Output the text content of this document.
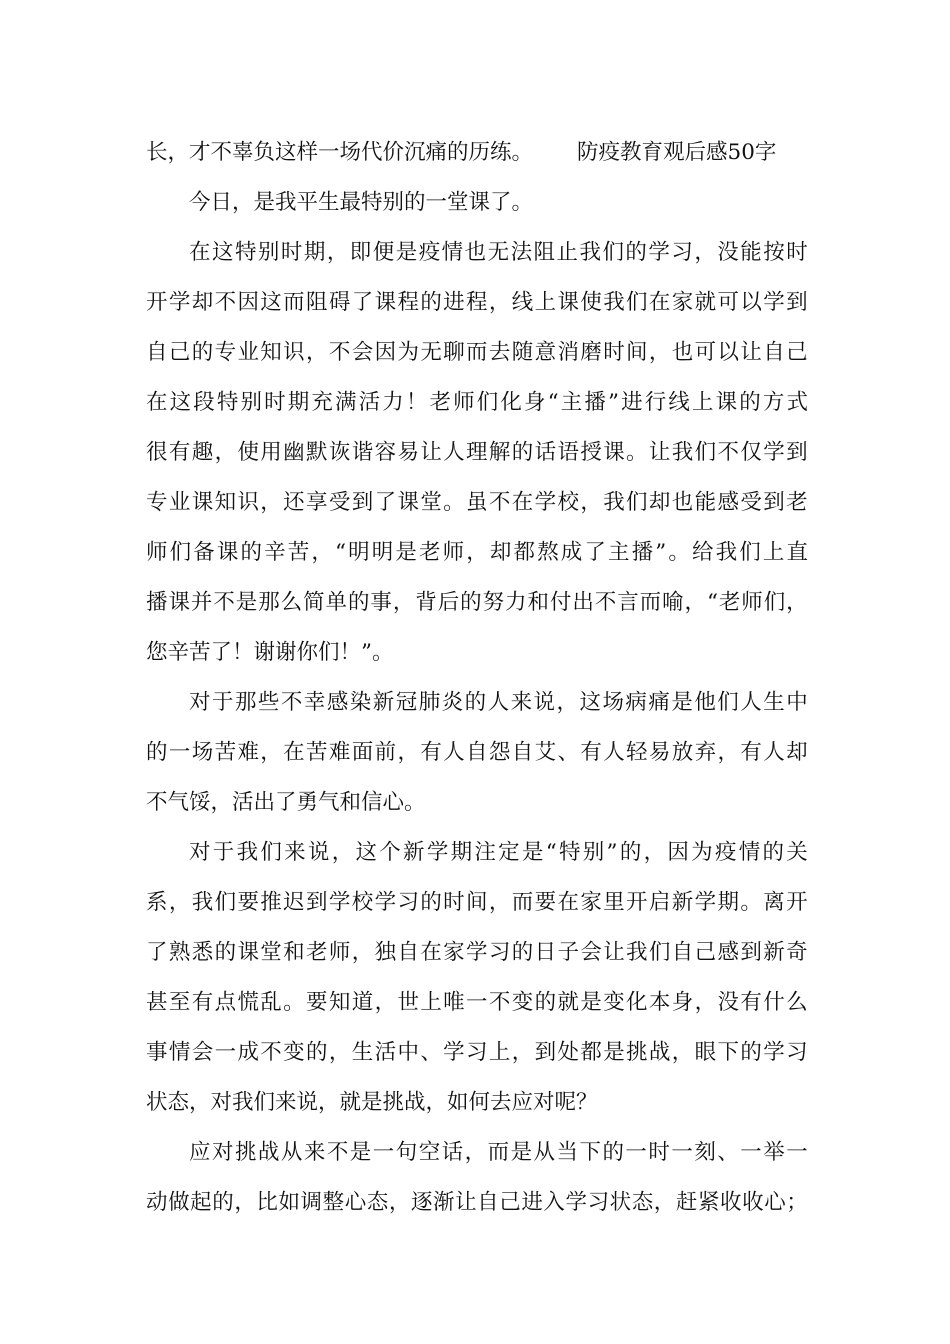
长，才不辜负这样一场代价沉痛的历练。 防疫教育观后感50字
今日，是我平生最特别的一堂课了。
在 这 特 别 时 期 ， 即 便 是 疫 情 也 无 法 阻 止 我 们 的 学 习 ， 没 能 按 时
开 学 却 不 因 这 而 阻 碍 了 课 程 的 进 程 ， 线 上 课 使 我 们 在 家 就 可 以 学 到
自 己 的 专 业 知 识 ， 不 会 因 为 无 聊 而 去 随 意 消 磨 时 间 ， 也 可 以 让 自 己
在 这 段 特 别 时 期 充 满 活 力 ！ 老 师 们 化 身 “ 主 播 ” 进 行 线 上 课 的 方 式
很 有 趣 ， 使 用 幽 默 诙 谐 容 易 让 人 理 解 的 话 语 授 课 。 让 我 们 不 仅 学 到
专 业 课 知 识 ， 还 享 受 到 了 课 堂 。 虽 不 在 学 校 ， 我 们 却 也 能 感 受 到 老
师 们 备 课 的 辛 苦 ， “ 明 明 是 老 师 ， 却 都 熬 成 了 主 播 ” 。 给 我 们 上 直
播 课 并 不 是 那 么 简 单 的 事 ， 背 后 的 努 力 和 付 出 不 言 而 喻 ， “ 老 师 们 ，
您辛苦了！谢谢你们！”。
对 于 那 些 不 幸 感 染 新 冠 肺 炎 的 人 来 说 ， 这 场 病 痛 是 他 们 人 生 中
的 一 场 苦 难 ， 在 苦 难 面 前 ， 有 人 自 怨 自 艾 、 有 人 轻 易 放 弃 ， 有 人 却
不气馁，活出了勇气和信心。
对 于 我 们 来 说 ， 这 个 新 学 期 注 定 是 “ 特 别 ” 的 ， 因 为 疫 情 的 关
系 ， 我 们 要 推 迟 到 学 校 学 习 的 时 间 ， 而 要 在 家 里 开 启 新 学 期 。 离 开
了 熟 悉 的 课 堂 和 老 师 ， 独 自 在 家 学 习 的 日 子 会 让 我 们 自 己 感 到 新 奇
甚 至 有 点 慌 乱 。 要 知 道 ， 世 上 唯 一 不 变 的 就 是 变 化 本 身 ， 没 有 什 么
事 情 会 一 成 不 变 的 ， 生 活 中 、 学 习 上 ， 到 处 都 是 挑 战 ， 眼 下 的 学 习
状态，对我们来说，就是挑战，如何去应对呢？
应 对 挑 战 从 来 不 是 一 句 空 话 ， 而 是 从 当 下 的 一 时 一 刻 、 一 举 一
动 做 起 的 ， 比 如 调 整 心 态 ， 逐 渐 让 自 己 进 入 学 习 状 态 ， 赶 紧 收 收 心 ；
